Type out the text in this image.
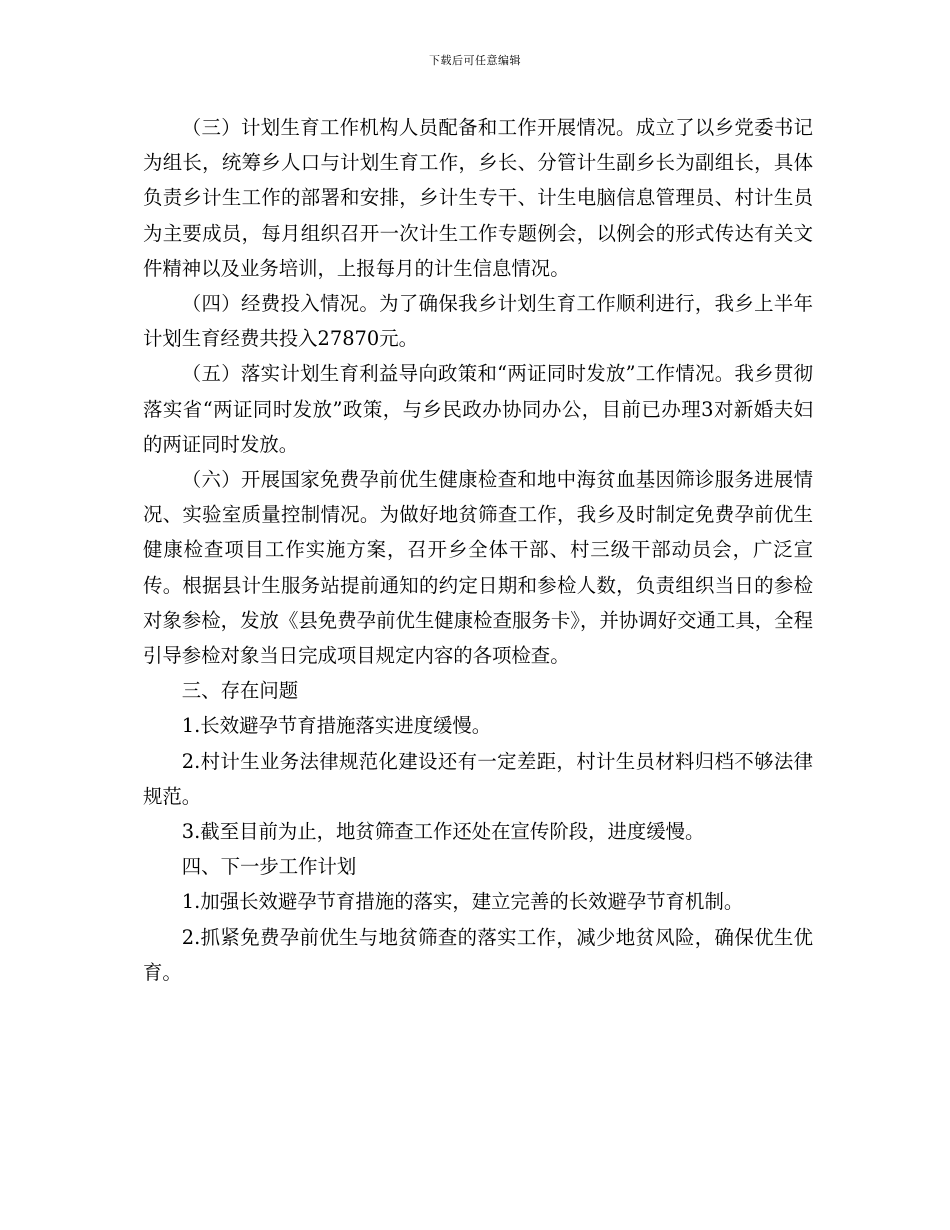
下载后可任意编辑

（三）计划生育工作机构人员配备和工作开展情况。成立了以乡党委书记为组长，统筹乡人口与计划生育工作，乡长、分管计生副乡长为副组长，具体负责乡计生工作的部署和安排，乡计生专干、计生电脑信息管理员、村计生员为主要成员，每月组织召开一次计生工作专题例会，以例会的形式传达有关文件精神以及业务培训，上报每月的计生信息情况。

（四）经费投入情况。为了确保我乡计划生育工作顺利进行，我乡上半年计划生育经费共投入27870元。

（五）落实计划生育利益导向政策和“两证同时发放”工作情况。我乡贯彻落实省“两证同时发放”政策，与乡民政办协同办公，目前已办理3对新婚夫妇的两证同时发放。

（六）开展国家免费孕前优生健康检查和地中海贫血基因筛诊服务进展情况、实验室质量控制情况。为做好地贫筛查工作，我乡及时制定免费孕前优生健康检查项目工作实施方案，召开乡全体干部、村三级干部动员会，广泛宣传。根据县计生服务站提前通知的约定日期和参检人数，负责组织当日的参检对象参检，发放《县免费孕前优生健康检查服务卡》，并协调好交通工具，全程引导参检对象当日完成项目规定内容的各项检查。

三、存在问题

1.长效避孕节育措施落实进度缓慢。

2.村计生业务法律规范化建设还有一定差距，村计生员材料归档不够法律规范。

3.截至目前为止，地贫筛查工作还处在宣传阶段，进度缓慢。

四、下一步工作计划

1.加强长效避孕节育措施的落实，建立完善的长效避孕节育机制。

2.抓紧免费孕前优生与地贫筛查的落实工作，减少地贫风险，确保优生优育。
